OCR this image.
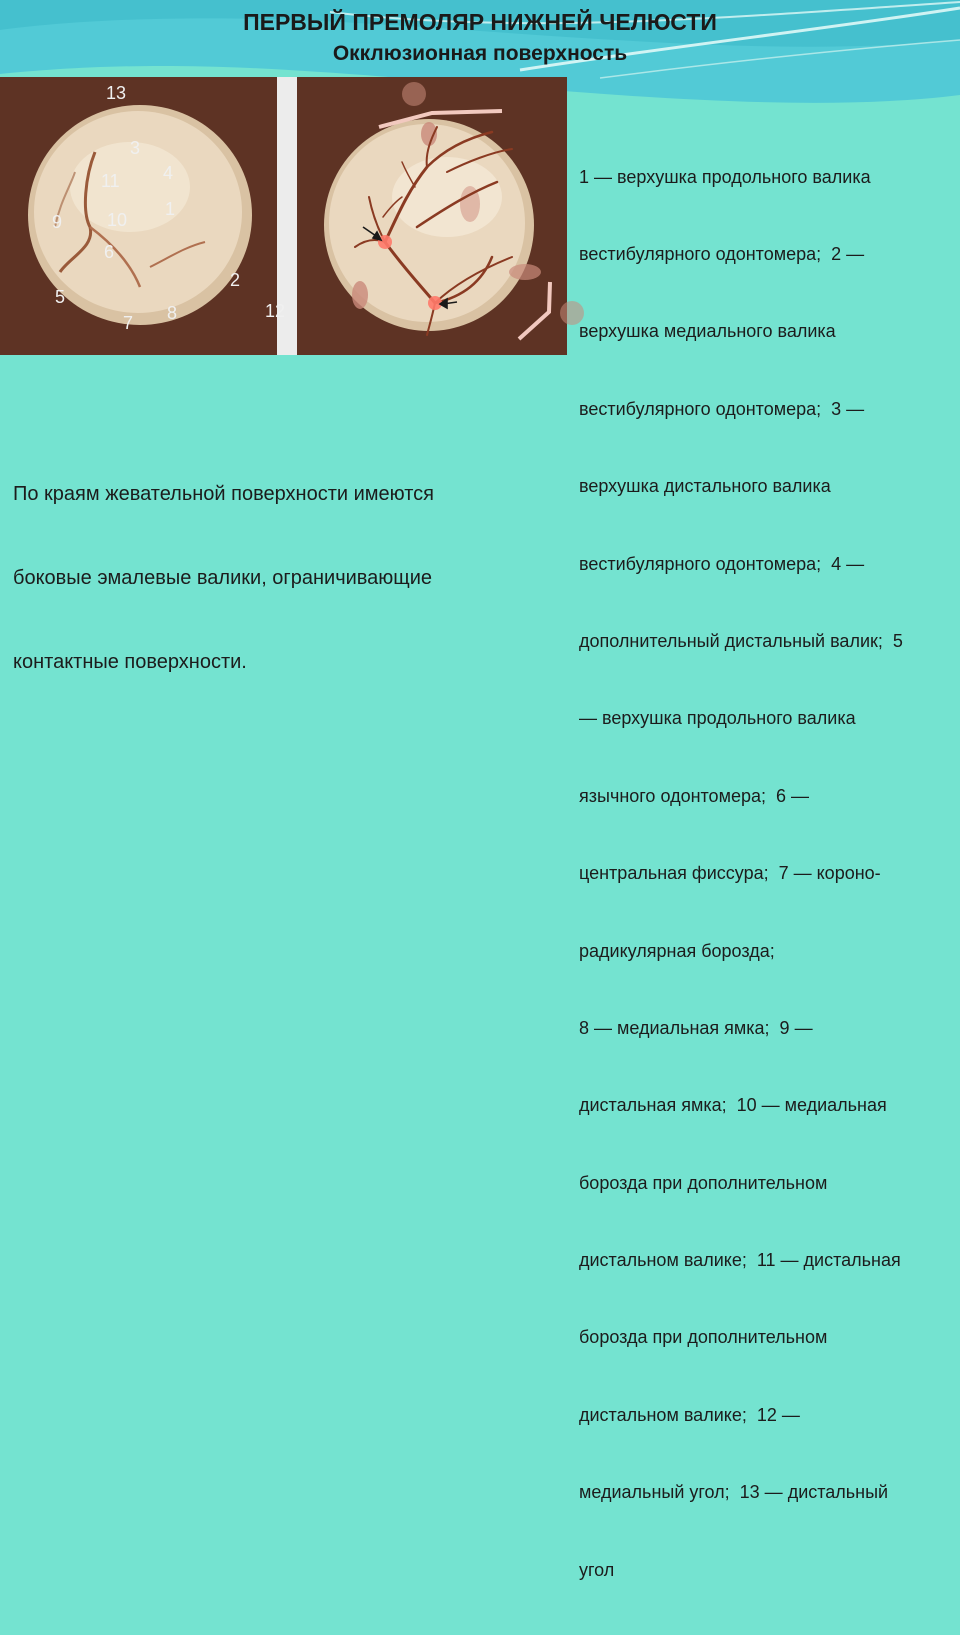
ПЕРВЫЙ ПРЕМОЛЯР НИЖНЕЙ ЧЕЛЮСТИ
Окклюзионная поверхность
1
2
3
4
5
6
7 8
9 10
11
12
13

1 — верхушка продольного валика

вестибулярного одонтомера;  2 —

верхушка медиального валика

вестибулярного одонтомера;  3 —

верхушка дистального валика

вестибулярного одонтомера;  4 —

дополнительный дистальный валик;  5

— верхушка продольного валика

язычного одонтомера;  6 —

центральная фиссура;  7 — короно-

радикулярная борозда;

8 — медиальная ямка;  9 —

дистальная ямка;  10 — медиальная

борозда при дополнительном

дистальном валике;  11 — дистальная

борозда при дополнительном

дистальном валике;  12 —

медиальный угол;  13 — дистальный

угол

По краям жевательной поверхности имеются

боковые эмалевые валики, ограничивающие

контактные поверхности.
